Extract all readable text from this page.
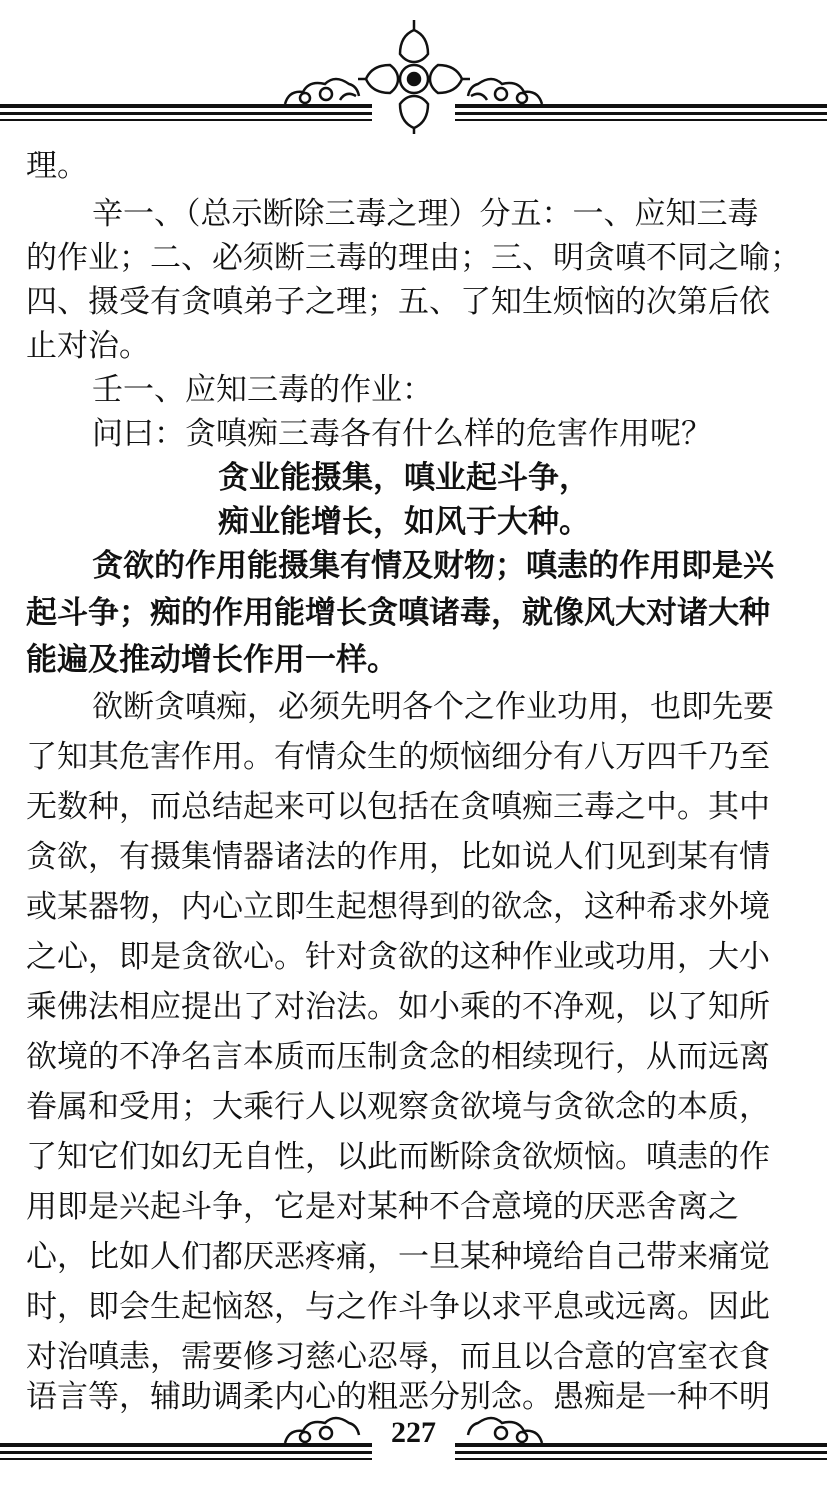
理。
辛一、（总示断除三毒之理）分五：一、应知三毒
的作业；二、必须断三毒的理由；三、明贪嗔不同之喻；
四、摄受有贪嗔弟子之理；五、了知生烦恼的次第后依
止对治。
壬一、应知三毒的作业：
问曰：贪嗔痴三毒各有什么样的危害作用呢？
贪业能摄集，嗔业起斗争，
痴业能增长，如风于大种。
贪欲的作用能摄集有情及财物；嗔恚的作用即是兴
起斗争；痴的作用能增长贪嗔诸毒，就像风大对诸大种
能遍及推动增长作用一样。
欲断贪嗔痴，必须先明各个之作业功用，也即先要
了知其危害作用。有情众生的烦恼细分有八万四千乃至
无数种，而总结起来可以包括在贪嗔痴三毒之中。其中
贪欲，有摄集情器诸法的作用，比如说人们见到某有情
或某器物，内心立即生起想得到的欲念，这种希求外境
之心，即是贪欲心。针对贪欲的这种作业或功用，大小
乘佛法相应提出了对治法。如小乘的不净观，以了知所
欲境的不净名言本质而压制贪念的相续现行，从而远离
眷属和受用；大乘行人以观察贪欲境与贪欲念的本质，
了知它们如幻无自性，以此而断除贪欲烦恼。嗔恚的作
用即是兴起斗争，它是对某种不合意境的厌恶舍离之
心，比如人们都厌恶疼痛，一旦某种境给自己带来痛觉
时，即会生起恼怒，与之作斗争以求平息或远离。因此
对治嗔恚，需要修习慈心忍辱，而且以合意的宫室衣食
语言等，辅助调柔内心的粗恶分别念。愚痴是一种不明
227
